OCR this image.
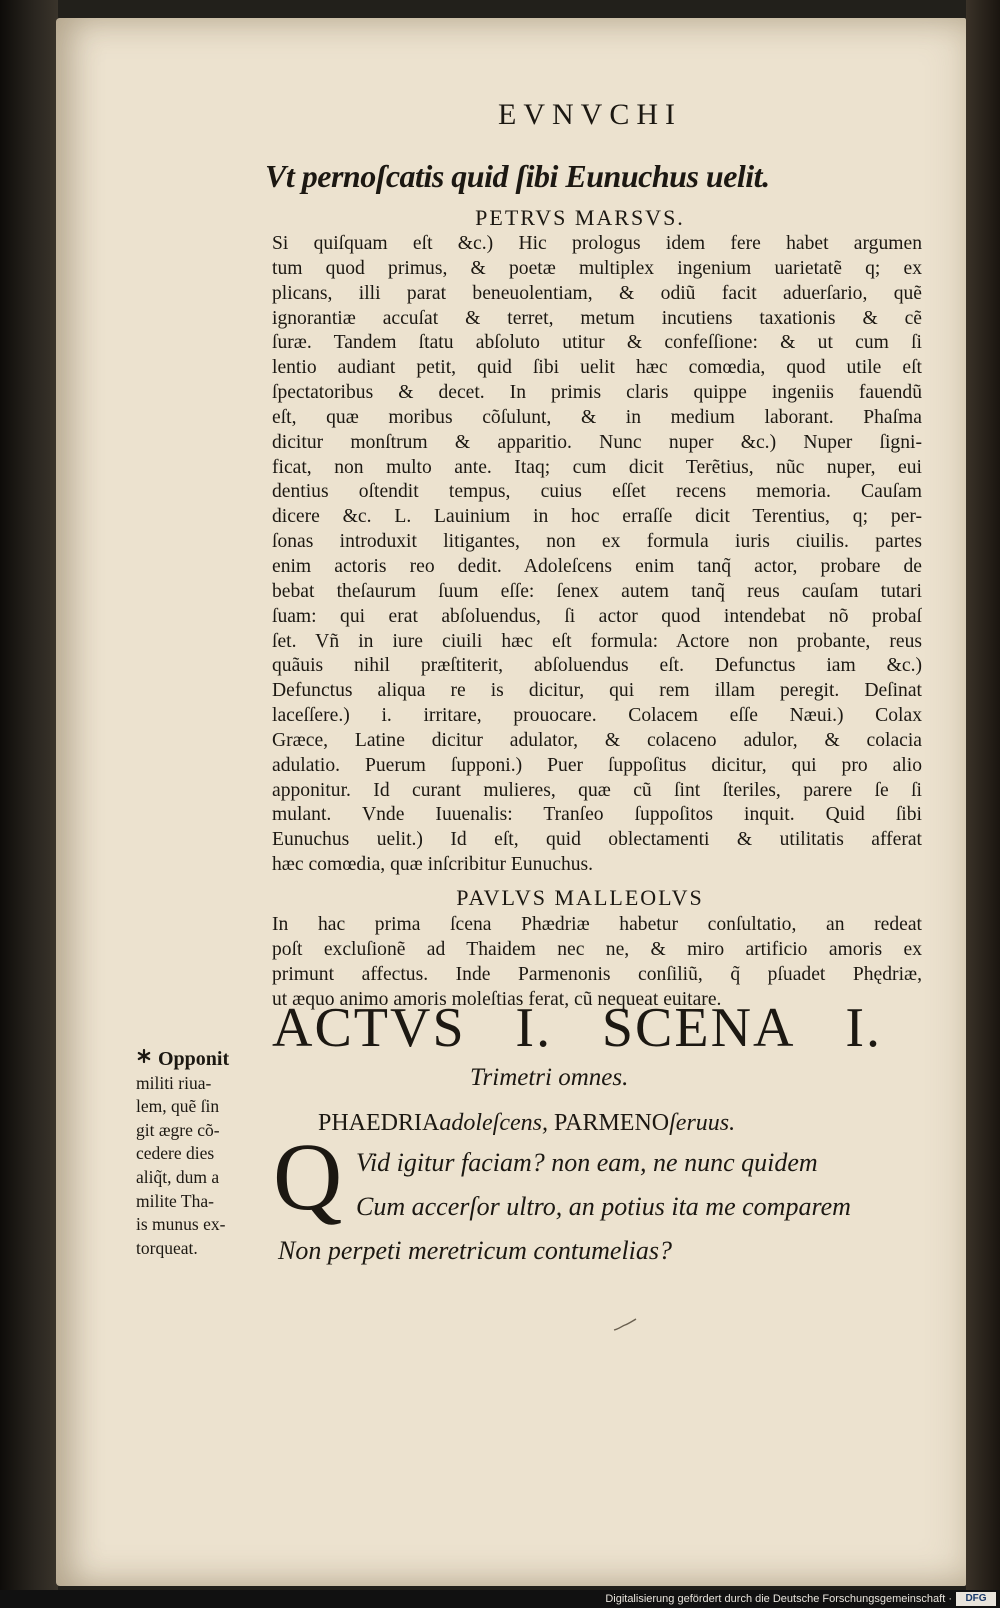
EVNVCHI
Vt pernoſcatis quid ſibi Eunuchus uelit.
PETRVS MARSVS.
Si quiſquam eſt &c.) Hic prologus idem fere habet argumen
tum quod primus, & poetæ multiplex ingenium uarietatẽ q; ex
plicans, illi parat beneuolentiam, & odiũ facit aduerſario, quẽ
ignorantiæ accuſat & terret, metum incutiens taxationis & cẽ
ſuræ. Tandem ſtatu abſoluto utitur & confeſſione: & ut cum ſi
lentio audiant petit, quid ſibi uelit hæc comœdia, quod utile eſt
ſpectatoribus & decet. In primis claris quippe ingeniis fauendũ
eſt, quæ moribus cõſulunt, & in medium laborant. Phaſma
dicitur monſtrum & apparitio. Nunc nuper &c.) Nuper ſigni-
ficat, non multo ante. Itaq; cum dicit Terẽtius, nũc nuper, eui
dentius oſtendit tempus, cuius eſſet recens memoria. Cauſam
dicere &c. L. Lauinium in hoc erraſſe dicit Terentius, q; per-
ſonas introduxit litigantes, non ex formula iuris ciuilis. partes
enim actoris reo dedit. Adoleſcens enim tanq̃ actor, probare de
bebat theſaurum ſuum eſſe: ſenex autem tanq̃ reus cauſam tutari
ſuam: qui erat abſoluendus, ſi actor quod intendebat nõ probaſ
ſet. Vñ in iure ciuili hæc eſt formula: Actore non probante, reus
quãuis nihil præſtiterit, abſoluendus eſt. Defunctus iam &c.)
Defunctus aliqua re is dicitur, qui rem illam peregit. Deſinat
laceſſere.) i. irritare, prouocare. Colacem eſſe Næui.) Colax
Græce, Latine dicitur adulator, & colaceno adulor, & colacia
adulatio. Puerum ſupponi.) Puer ſuppoſitus dicitur, qui pro alio
apponitur. Id curant mulieres, quæ cũ ſint ſteriles, parere ſe ſi
mulant. Vnde Iuuenalis: Tranſeo ſuppoſitos inquit. Quid ſibi
Eunuchus uelit.) Id eſt, quid oblectamenti & utilitatis afferat
hæc comœdia, quæ inſcribitur Eunuchus.
PAVLVS MALLEOLVS
In hac prima ſcena Phædriæ habetur conſultatio, an redeat
poſt excluſionẽ ad Thaidem nec ne, & miro artificio amoris ex
primunt affectus. Inde Parmenonis conſiliũ, q̃ pſuadet Phędriæ,
ut æquo animo amoris moleſtias ferat, cũ nequeat euitare.
ACTVS I. SCENA I.
Trimetri omnes.
PHAEDRIAadoleſcens, PARMENOſeruus.
Q Vid igitur faciam? non eam, ne nunc quidem
Cum accerſor ultro, an potius ita me comparem
Non perpeti meretricum contumelias?
Opponit
militi riua-
lem, quẽ ſin
git ægre cõ-
cedere dies
aliq̃t, dum a
milite Tha-
is munus ex-
torqueat.
Digitalisierung gefördert durch die Deutsche Forschungsgemeinschaft ·	DFG
